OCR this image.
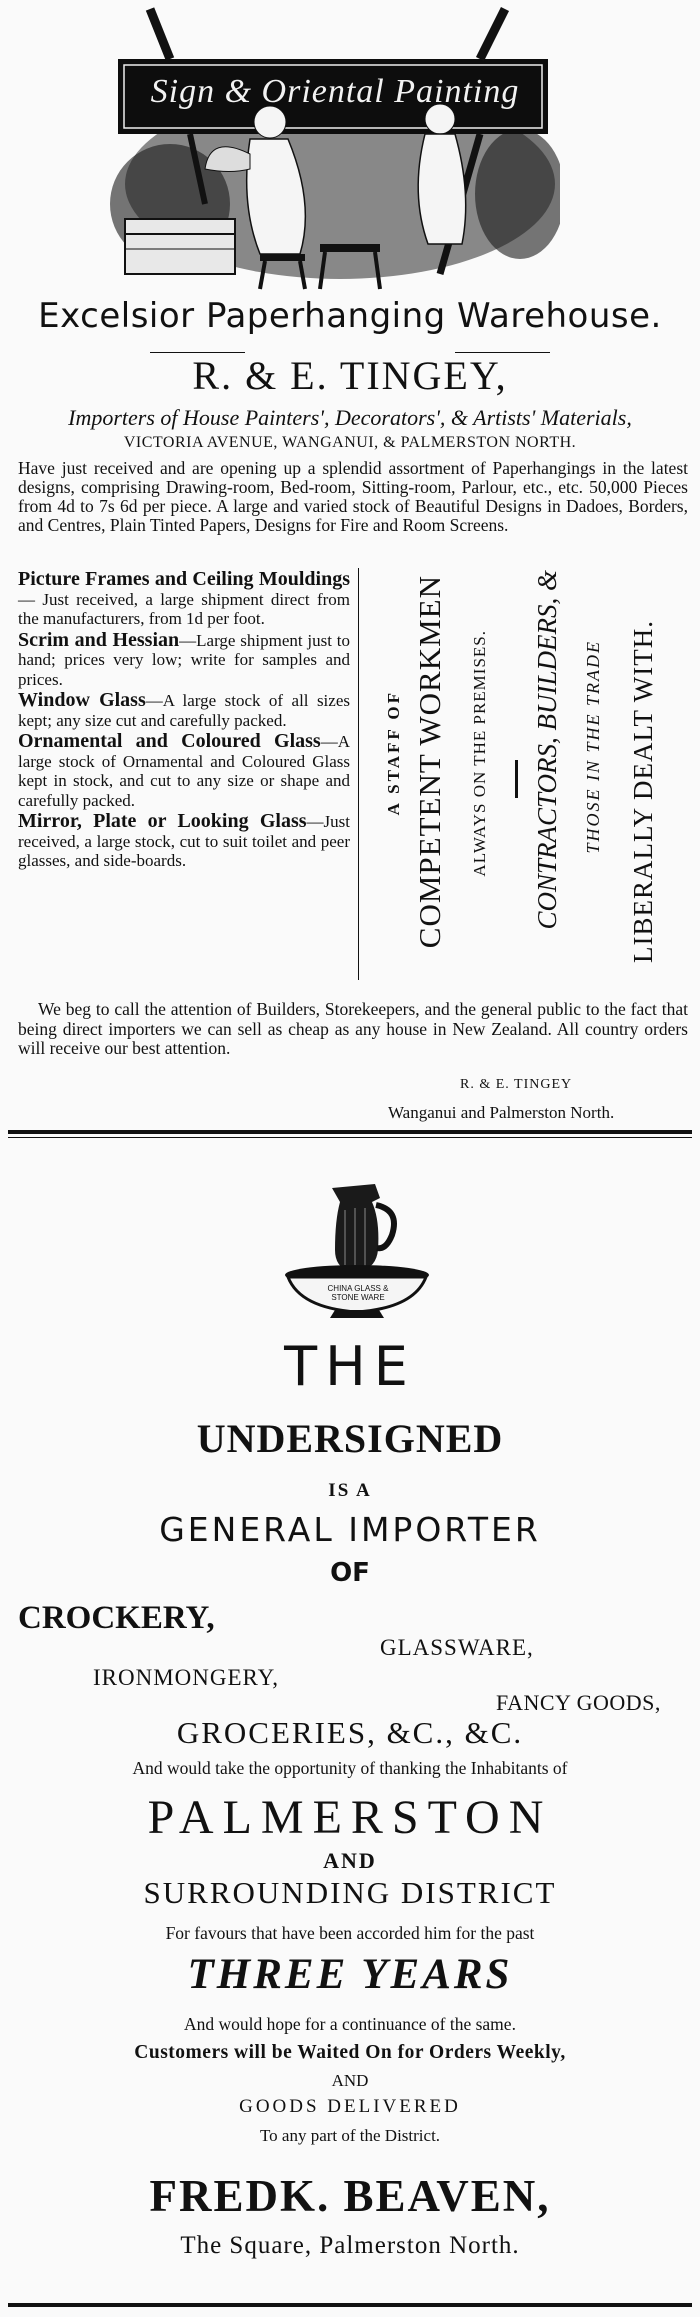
Sign & Oriental Painting
Excelsior Paperhanging Warehouse.
R. & E. TINGEY,
Importers of House Painters', Decorators', & Artists' Materials,
VICTORIA AVENUE, WANGANUI, & PALMERSTON NORTH.
Have just received and are opening up a splendid assortment of Paperhangings in the latest designs, comprising Drawing-room, Bed-room, Sitting-room, Parlour, etc., etc. 50,000 Pieces from 4d to 7s 6d per piece. A large and varied stock of Beautiful Designs in Dadoes, Borders, and Centres, Plain Tinted Papers, Designs for Fire and Room Screens.

Picture Frames and Ceiling Mouldings — Just received, a large shipment direct from the manufacturers, from 1d per foot.

Scrim and Hessian—Large shipment just to hand; prices very low; write for samples and prices.

Window Glass—A large stock of all sizes kept; any size cut and carefully packed.

Ornamental and Coloured Glass—A large stock of Ornamental and Coloured Glass kept in stock, and cut to any size or shape and carefully packed.

Mirror, Plate or Looking Glass—Just received, a large stock, cut to suit toilet and peer glasses, and side-boards.

A STAFF OF COMPETENT WORKMEN ALWAYS ON THE PREMISES. CONTRACTORS, BUILDERS, & THOSE IN THE TRADE LIBERALLY DEALT WITH.
We beg to call the attention of Builders, Storekeepers, and the general public to the fact that being direct importers we can sell as cheap as any house in New Zealand. All country orders will receive our best attention.
R. & E. TINGEY
Wanganui and Palmerston North.
CHINA GLASS & STONE WARE
THE
UNDERSIGNED
IS A
GENERAL IMPORTER
OF
CROCKERY,
GLASSWARE,
IRONMONGERY,
FANCY GOODS,
GROCERIES, &C., &C.
And would take the opportunity of thanking the Inhabitants of
PALMERSTON
AND
SURROUNDING DISTRICT
For favours that have been accorded him for the past
THREE YEARS
And would hope for a continuance of the same.
Customers will be Waited On for Orders Weekly,
AND
GOODS DELIVERED
To any part of the District.
FREDK. BEAVEN,
The Square, Palmerston North.
